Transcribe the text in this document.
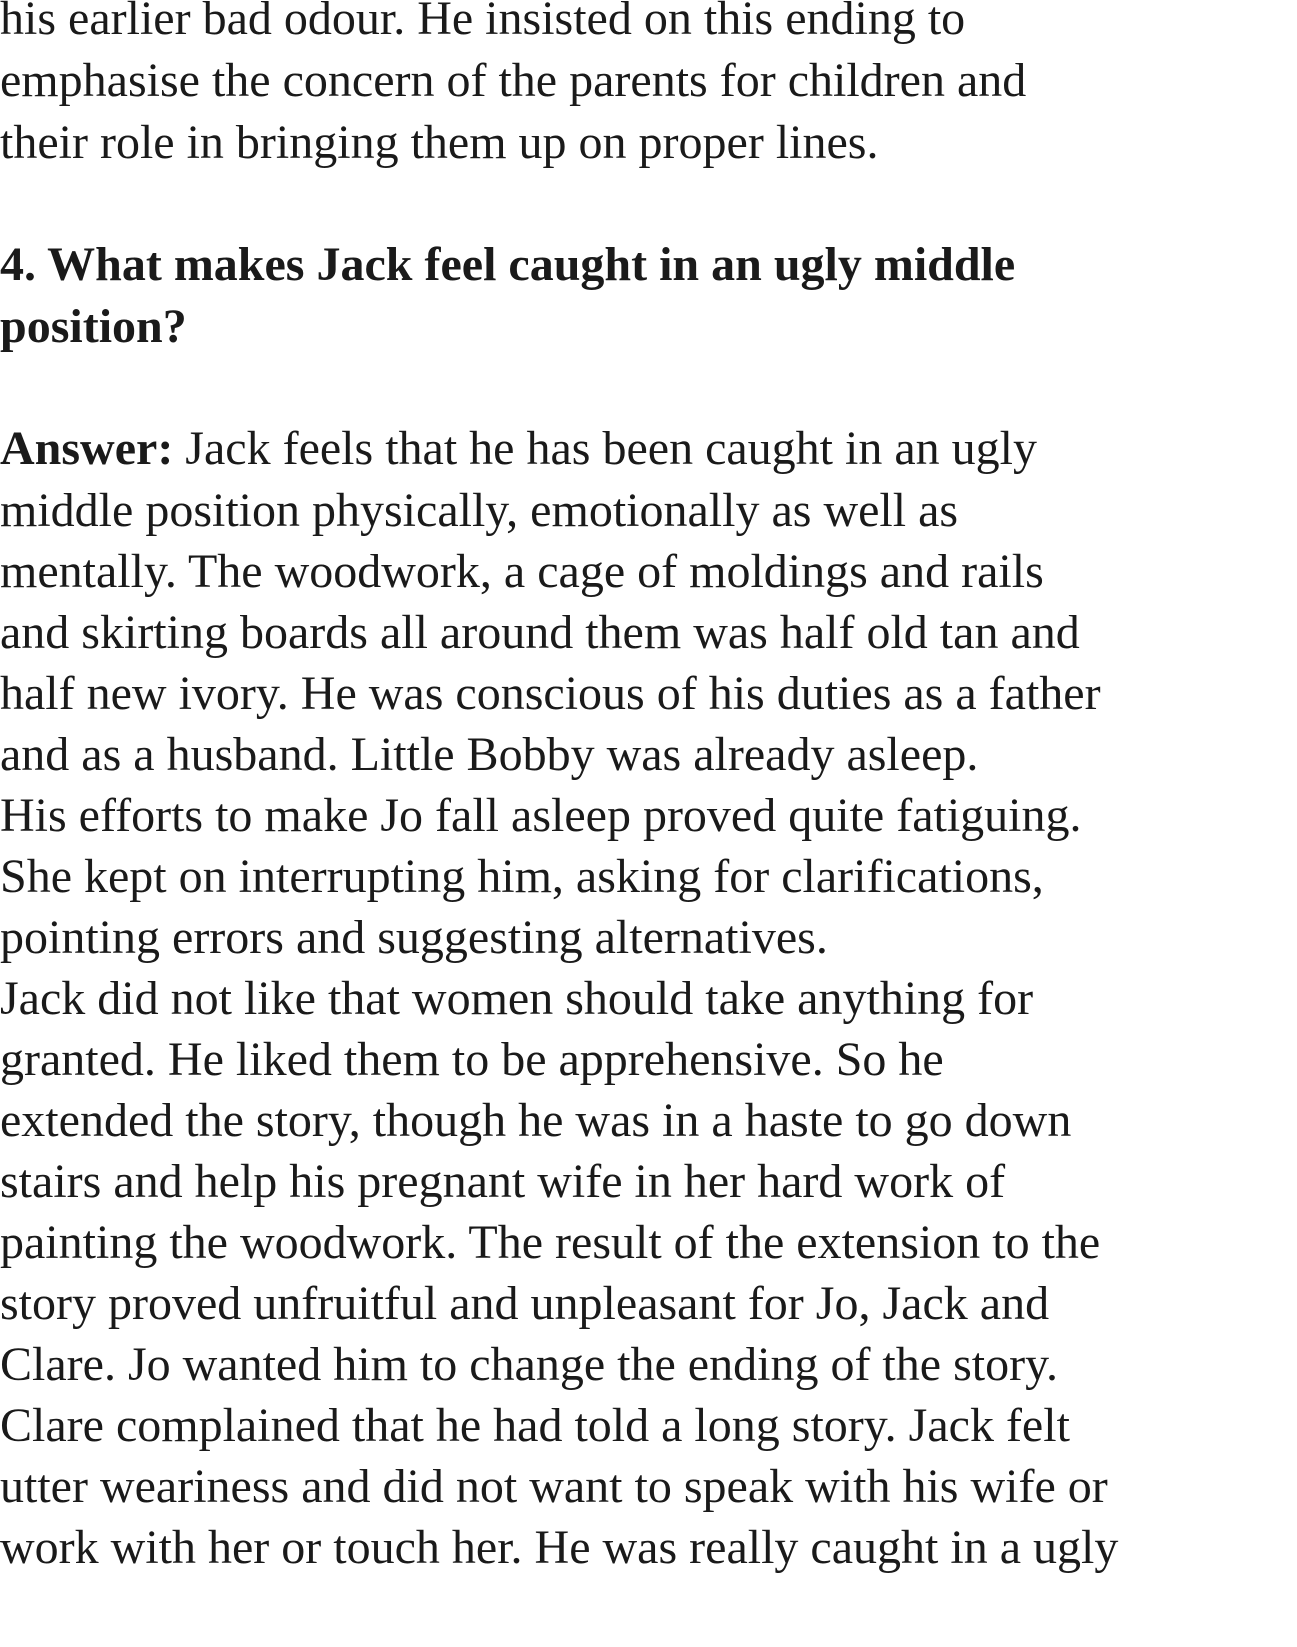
his earlier bad odour. He insisted on this ending to
emphasise the concern of the parents for children and
their role in bringing them up on proper lines.
4. What makes Jack feel caught in an ugly middle
position?
Answer: Jack feels that he has been caught in an ugly
middle position physically, emotionally as well as
mentally. The woodwork, a cage of moldings and rails
and skirting boards all around them was half old tan and
half new ivory. He was conscious of his duties as a father
and as a husband. Little Bobby was already asleep.
His efforts to make Jo fall asleep proved quite fatiguing.
She kept on interrupting him, asking for clarifications,
pointing errors and suggesting alternatives.
Jack did not like that women should take anything for
granted. He liked them to be apprehensive. So he
extended the story, though he was in a haste to go down
stairs and help his pregnant wife in her hard work of
painting the woodwork. The result of the extension to the
story proved unfruitful and unpleasant for Jo, Jack and
Clare. Jo wanted him to change the ending of the story.
Clare complained that he had told a long story. Jack felt
utter weariness and did not want to speak with his wife or
work with her or touch her. He was really caught in a ugly
